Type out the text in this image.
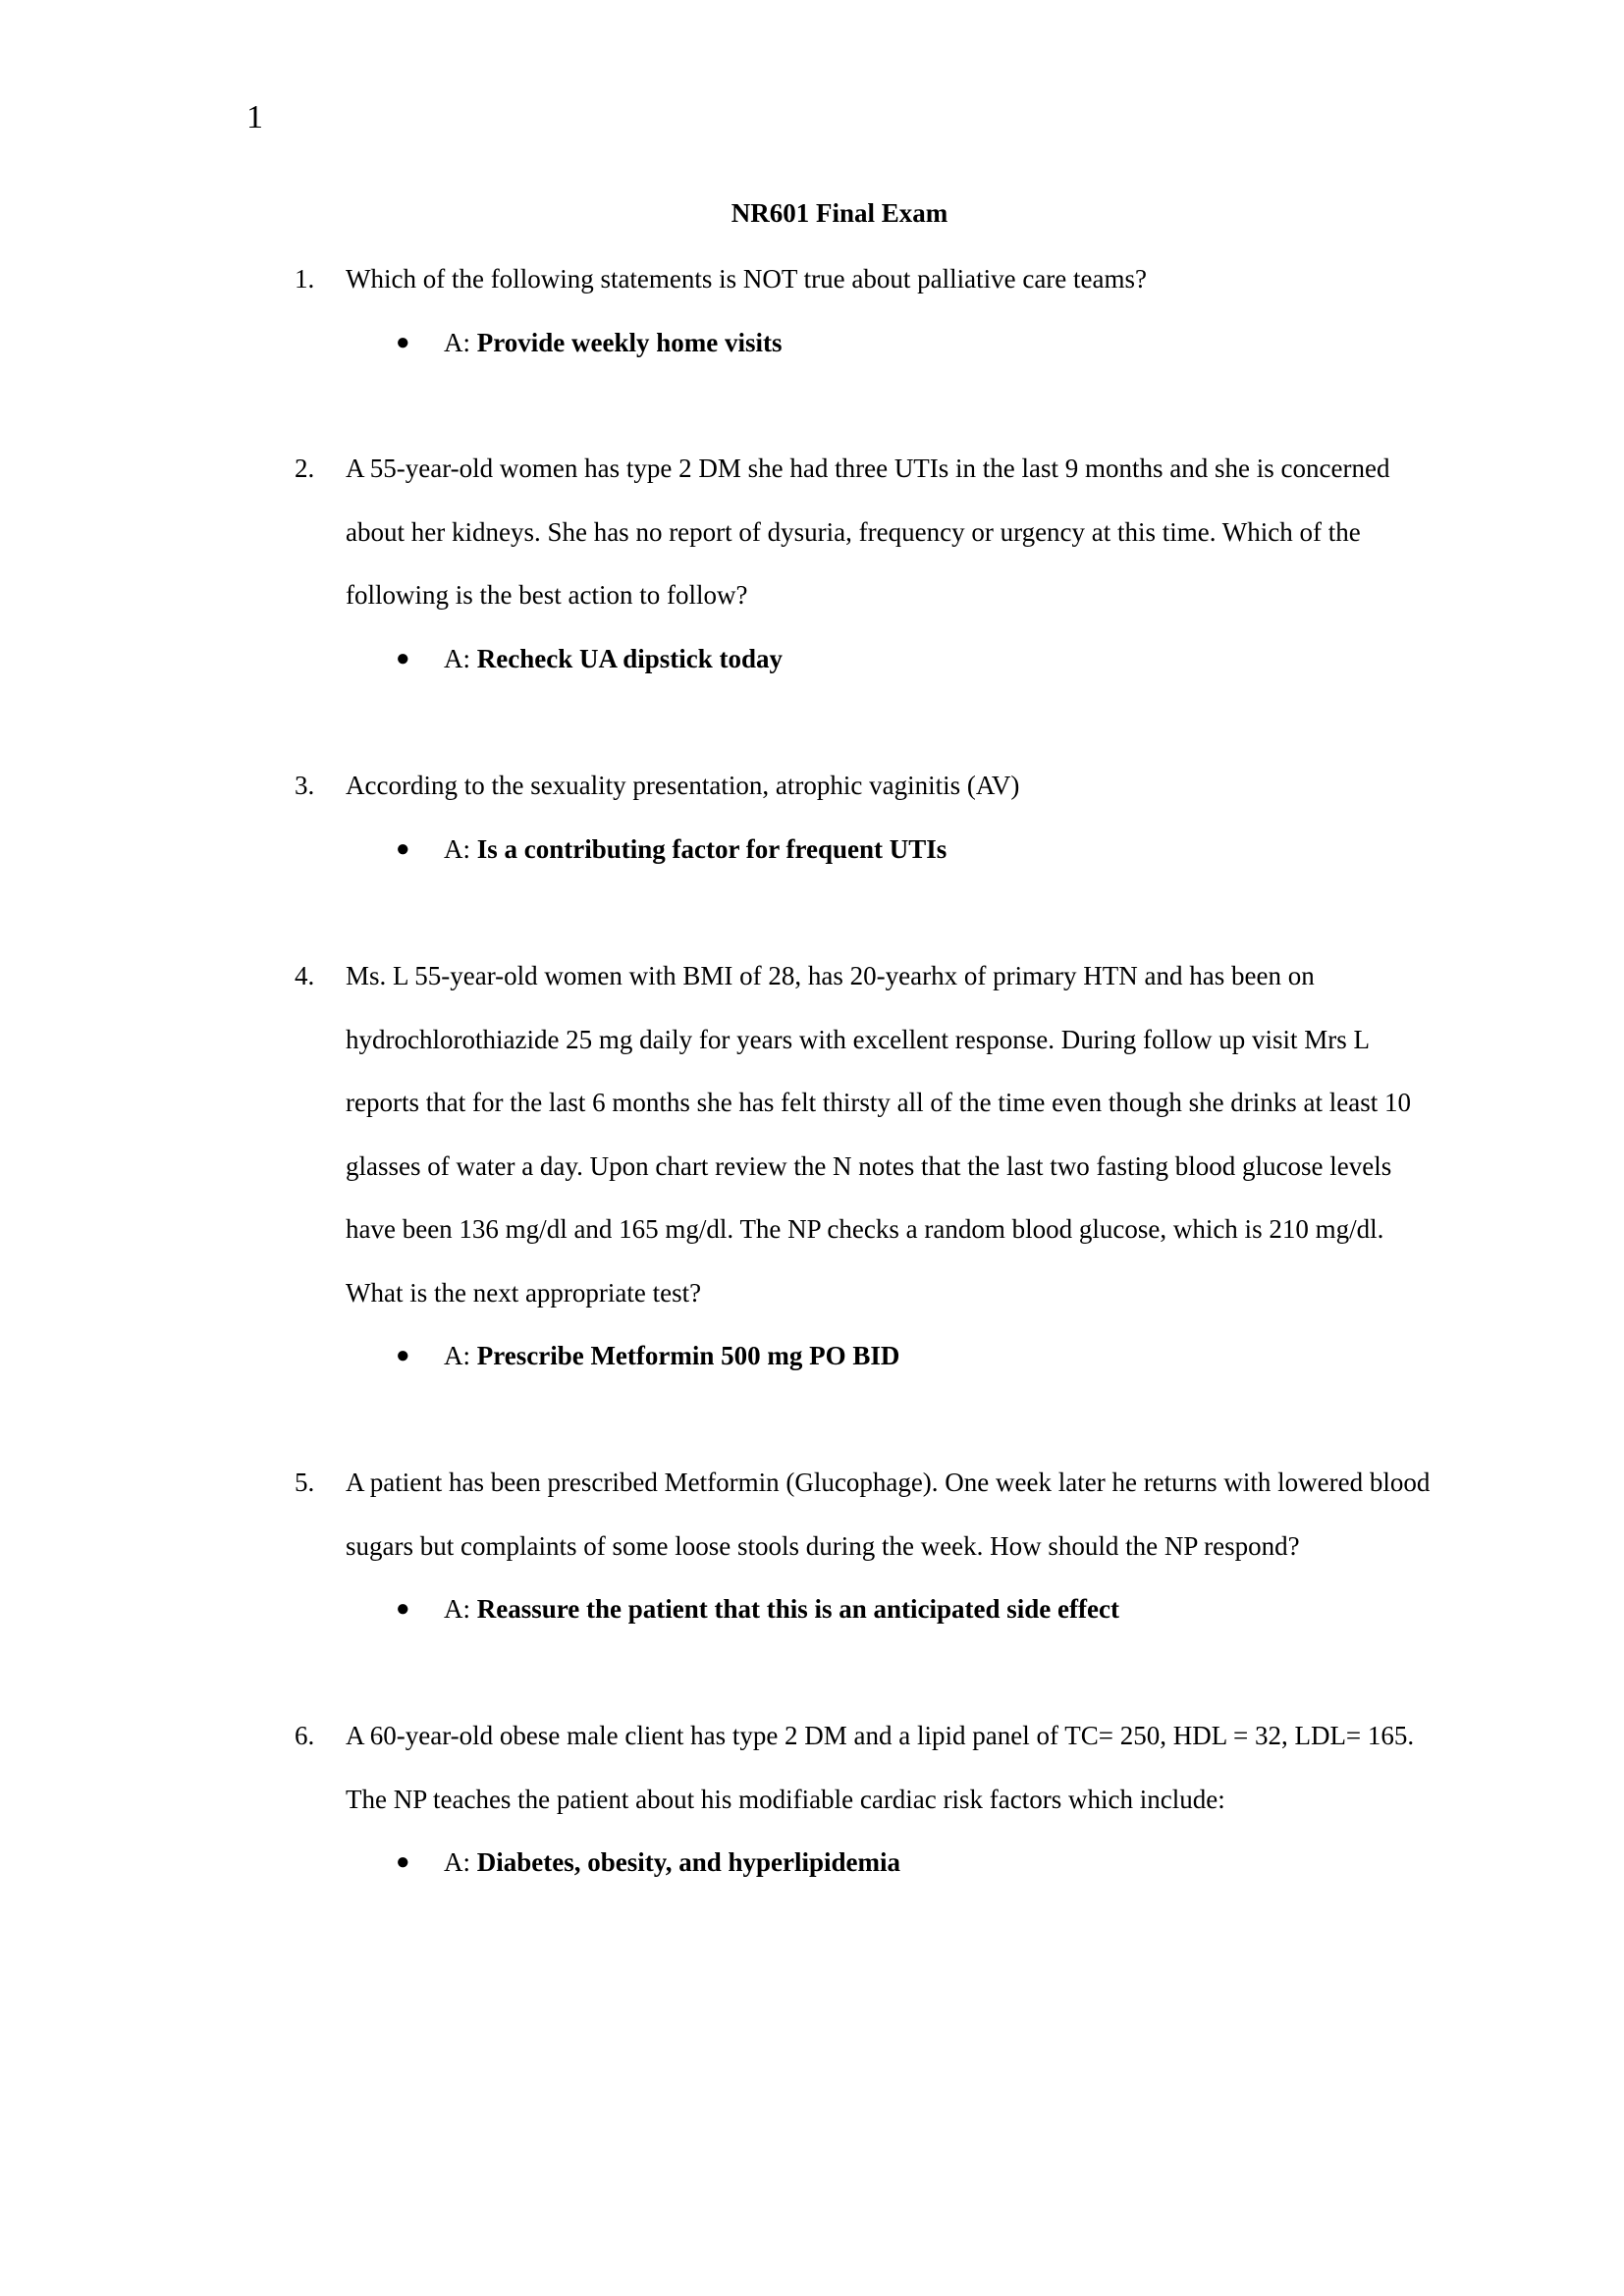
1
NR601 Final Exam
1.	Which of the following statements is NOT true about palliative care teams?
● A: Provide weekly home visits
2.	A 55-year-old women has type 2 DM she had three UTIs in the last 9 months and she is concerned about her kidneys. She has no report of dysuria, frequency or urgency at this time. Which of the following is the best action to follow?
● A: Recheck UA dipstick today
3.	According to the sexuality presentation, atrophic vaginitis (AV)
● A: Is a contributing factor for frequent UTIs
4.	Ms. L 55-year-old women with BMI of 28, has 20-yearhx of primary HTN and has been on hydrochlorothiazide 25 mg daily for years with excellent response. During follow up visit Mrs L reports that for the last 6 months she has felt thirsty all of the time even though she drinks at least 10 glasses of water a day. Upon chart review the N notes that the last two fasting blood glucose levels have been 136 mg/dl and 165 mg/dl. The NP checks a random blood glucose, which is 210 mg/dl. What is the next appropriate test?
● A: Prescribe Metformin 500 mg PO BID
5.	A patient has been prescribed Metformin (Glucophage). One week later he returns with lowered blood sugars but complaints of some loose stools during the week. How should the NP respond?
● A: Reassure the patient that this is an anticipated side effect
6.	A 60-year-old obese male client has type 2 DM and a lipid panel of TC= 250, HDL = 32, LDL= 165. The NP teaches the patient about his modifiable cardiac risk factors which include:
● A: Diabetes, obesity, and hyperlipidemia
